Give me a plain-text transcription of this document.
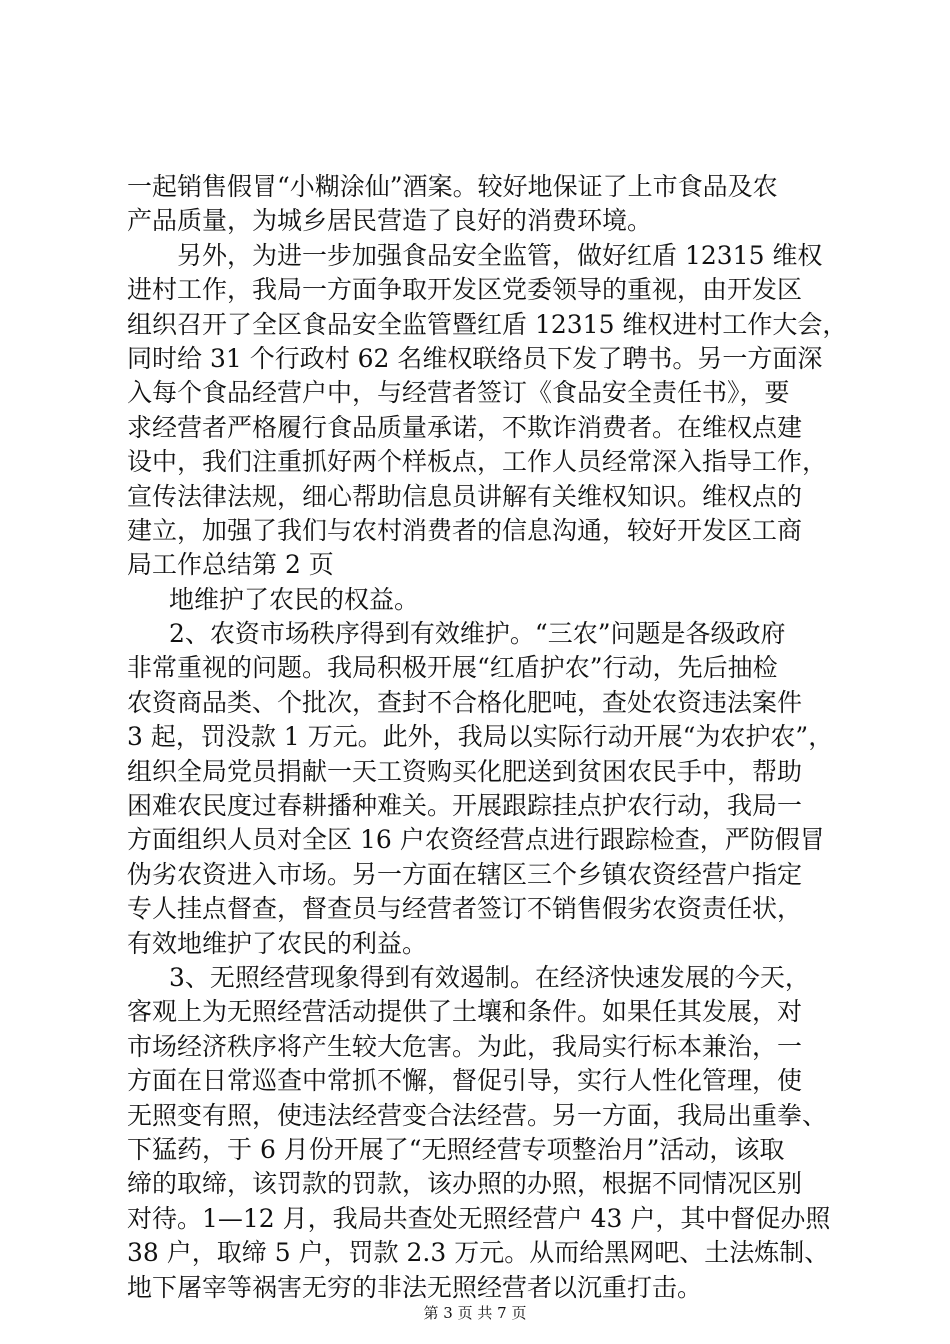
一起销售假冒“小糊涂仙”酒案。较好地保证了上市食品及农
产品质量，为城乡居民营造了良好的消费环境。
另外，为进一步加强食品安全监管，做好红盾 12315 维权
进村工作，我局一方面争取开发区党委领导的重视，由开发区
组织召开了全区食品安全监管暨红盾 12315 维权进村工作大会，
同时给 31 个行政村 62 名维权联络员下发了聘书。另一方面深
入每个食品经营户中，与经营者签订《食品安全责任书》，要
求经营者严格履行食品质量承诺，不欺诈消费者。在维权点建
设中，我们注重抓好两个样板点，工作人员经常深入指导工作，
宣传法律法规，细心帮助信息员讲解有关维权知识。维权点的
建立，加强了我们与农村消费者的信息沟通，较好开发区工商
局工作总结第 2 页
地维护了农民的权益。
2、农资市场秩序得到有效维护。“三农”问题是各级政府
非常重视的问题。我局积极开展“红盾护农”行动，先后抽检
农资商品类、个批次，查封不合格化肥吨，查处农资违法案件
3 起，罚没款 1 万元。此外，我局以实际行动开展“为农护农”，
组织全局党员捐献一天工资购买化肥送到贫困农民手中，帮助
困难农民度过春耕播种难关。开展跟踪挂点护农行动，我局一
方面组织人员对全区 16 户农资经营点进行跟踪检查，严防假冒
伪劣农资进入市场。另一方面在辖区三个乡镇农资经营户指定
专人挂点督查，督查员与经营者签订不销售假劣农资责任状，
有效地维护了农民的利益。
3、无照经营现象得到有效遏制。在经济快速发展的今天，
客观上为无照经营活动提供了土壤和条件。如果任其发展，对
市场经济秩序将产生较大危害。为此，我局实行标本兼治，一
方面在日常巡查中常抓不懈，督促引导，实行人性化管理，使
无照变有照，使违法经营变合法经营。另一方面，我局出重拳、
下猛药，于 6 月份开展了“无照经营专项整治月”活动，该取
缔的取缔，该罚款的罚款，该办照的办照，根据不同情况区别
对待。1—12 月，我局共查处无照经营户 43 户，其中督促办照
38 户，取缔 5 户，罚款 2.3 万元。从而给黑网吧、土法炼制、
地下屠宰等祸害无穷的非法无照经营者以沉重打击。
第 3 页 共 7 页
